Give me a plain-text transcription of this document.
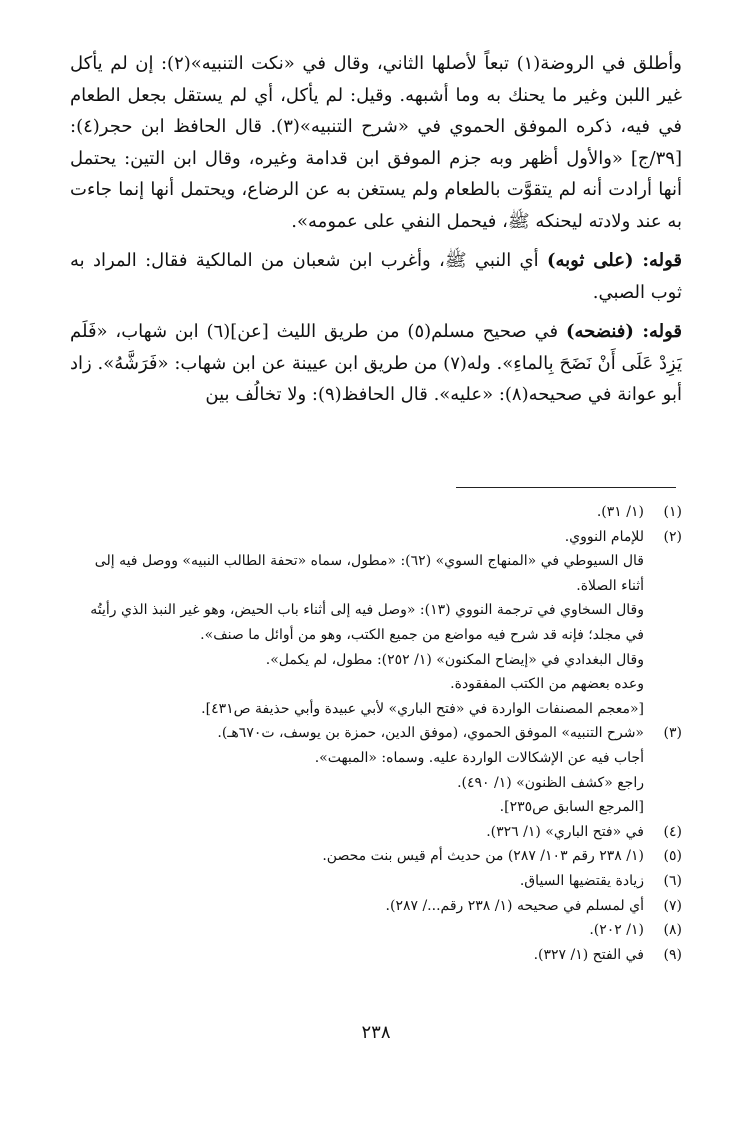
وأطلق في الروضة(١) تبعاً لأصلها الثاني، وقال في «نكت التنبيه»(٢): إن لم يأكل غير اللبن وغير ما يحنك به وما أشبهه. وقيل: لم يأكل، أي لم يستقل بجعل الطعام في فيه، ذكره الموفق الحموي في «شرح التنبيه»(٣). قال الحافظ ابن حجر(٤): [٣٩/ج] «والأول أظهر وبه جزم الموفق ابن قدامة وغيره، وقال ابن التين: يحتمل أنها أرادت أنه لم يتقوَّت بالطعام ولم يستغن به عن الرضاع، ويحتمل أنها إنما جاءت به عند ولادته ليحنكه ﷺ، فيحمل النفي على عمومه».

قوله: (على ثوبه) أي النبي ﷺ، وأغرب ابن شعبان من المالكية فقال: المراد به ثوب الصبي.

قوله: (فنضحه) في صحيح مسلم(٥) من طريق الليث [عن](٦) ابن شهاب، «فَلَم يَزِدْ عَلَى أَنْ نَضَحَ بِالماءِ». وله(٧) من طريق ابن عيينة عن ابن شهاب: «فَرَشَّهُ». زاد أبو عوانة في صحيحه(٨): «عليه». قال الحافظ(٩): ولا تخالُف بين

(١)
(١/ ٣١).
(٢)
للإمام النووي.
قال السيوطي في «المنهاج السوي» (٦٢): «مطول، سماه «تحفة الطالب النبيه» ووصل فيه إلى أثناء الصلاة.
وقال السخاوي في ترجمة النووي (١٣): «وصل فيه إلى أثناء باب الحيض، وهو غير النبذ الذي رأيتُه في مجلد؛ فإنه قد شرح فيه مواضع من جميع الكتب، وهو من أوائل ما صنف».
وقال البغدادي في «إيضاح المكنون» (١/ ٢٥٢): مطول، لم يكمل».
وعده بعضهم من الكتب المفقودة.
[«معجم المصنفات الواردة في «فتح الباري» لأبي عبيدة وأبي حذيفة ص٤٣١].
(٣)
«شرح التنبيه» الموفق الحموي، (موفق الدين، حمزة بن يوسف، ت٦٧٠هـ).
أجاب فيه عن الإشكالات الواردة عليه. وسماه: «المبهت».
راجع «كشف الظنون» (١/ ٤٩٠).
[المرجع السابق ص٢٣٥].
(٤)
في «فتح الباري» (١/ ٣٢٦).
(٥)
(١/ ٢٣٨ رقم ١٠٣/ ٢٨٧) من حديث أم قيس بنت محصن.
(٦)
زيادة يقتضيها السياق.
(٧)
أي لمسلم في صحيحه (١/ ٢٣٨ رقم.../ ٢٨٧).
(٨)
(١/ ٢٠٢).
(٩)
في الفتح (١/ ٣٢٧).
٢٣٨
